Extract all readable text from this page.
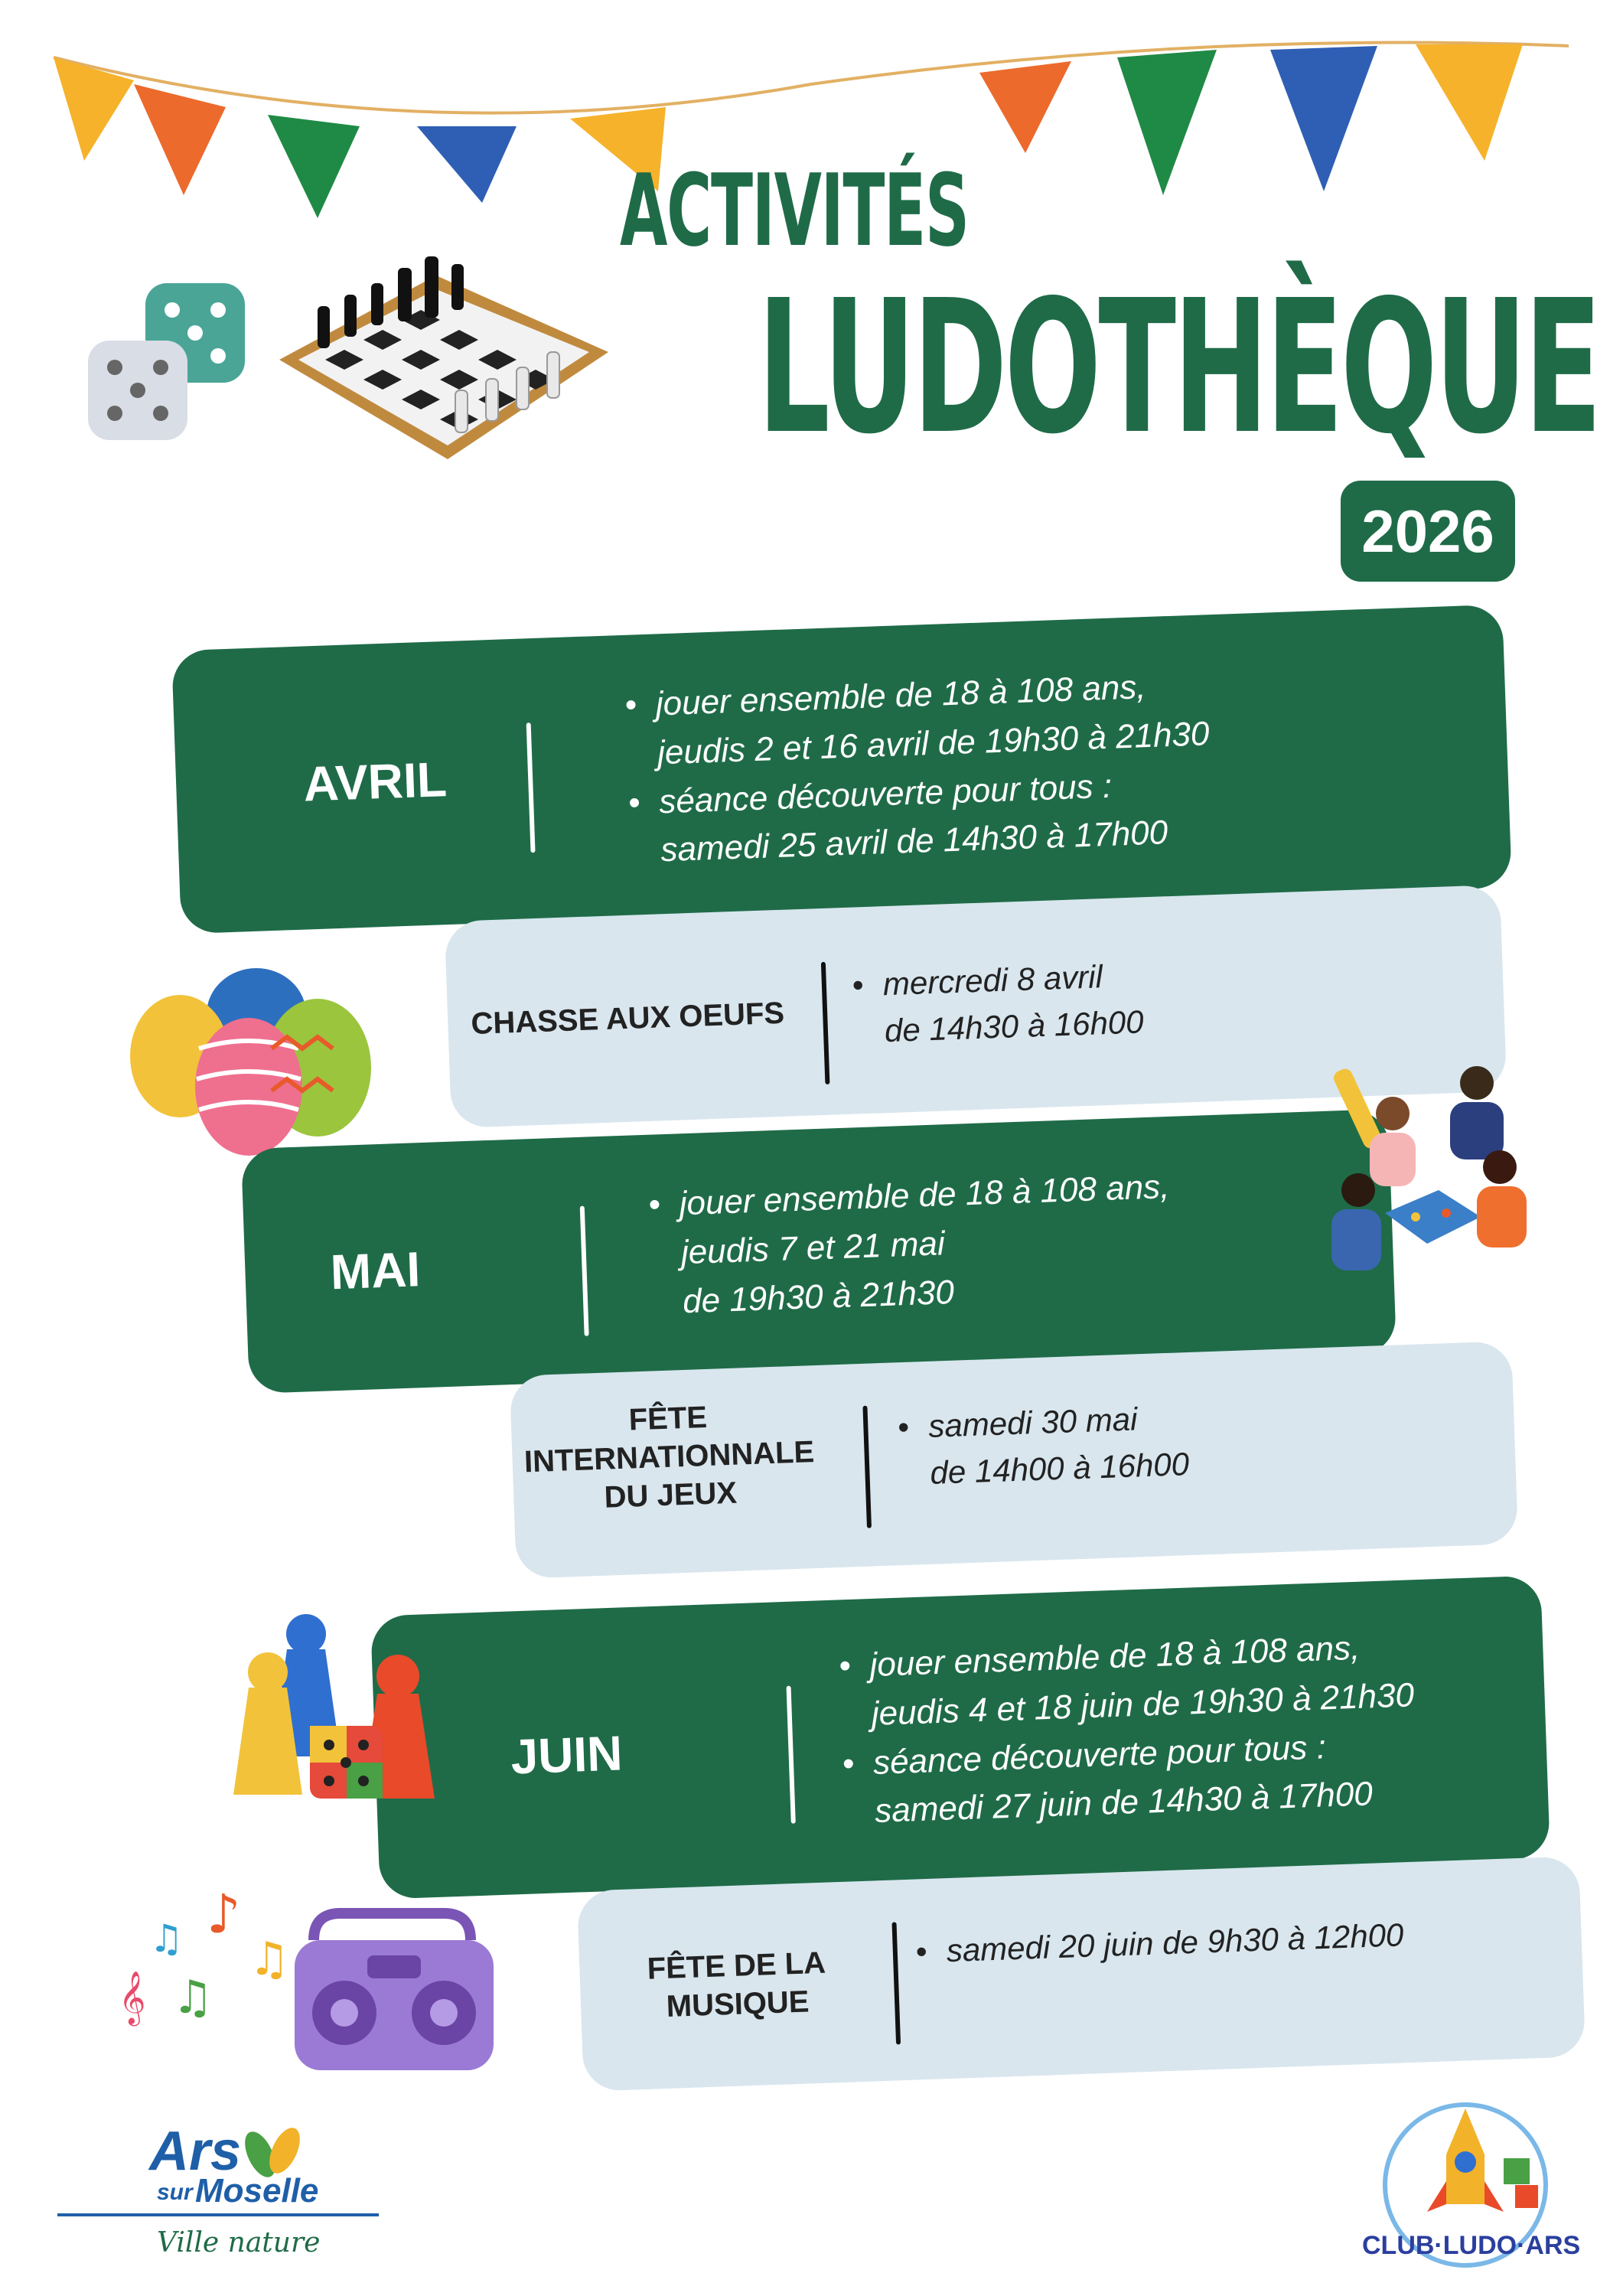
ACTIVITÉS
LUDOTHÈQUE
2026
AVRIL
• jouer ensemble de 18 à 108 ans,
jeudis 2 et 16 avril de 19h30 à 21h30
• séance découverte pour tous :
samedi 25 avril de 14h30 à 17h00
CHASSE AUX OEUFS
• mercredi 8 avril
de 14h30 à 16h00
MAI
• jouer ensemble de 18 à 108 ans,
jeudis 7 et 21 mai
de 19h30 à 21h30
FÊTE
INTERNATIONNALE
DU JEUX
• samedi 30 mai
de 14h00 à 16h00
JUIN
• jouer ensemble de 18 à 108 ans,
jeudis 4 et 18 juin de 19h30 à 21h30
• séance découverte pour tous :
samedi 27 juin de 14h30 à 17h00
𝄞
♫ ♪
♫
♫
FÊTE DE LA
MUSIQUE
• samedi 20 juin de 9h30 à 12h00
Ars
sur Moselle
Ville nature	CLUB·LUDO·ARS
